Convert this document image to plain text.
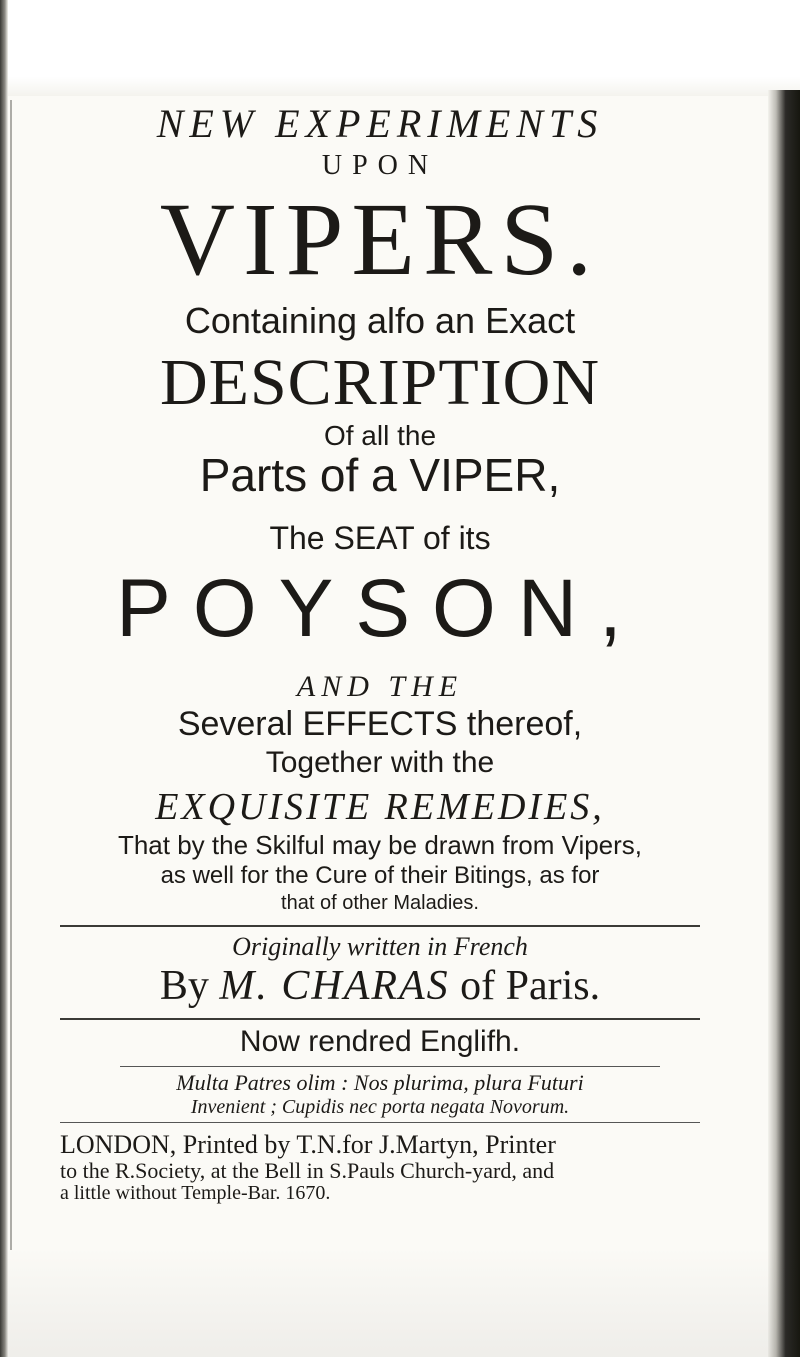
NEW EXPERIMENTS
UPON
VIPERS.
Containing alfo an Exact
DESCRIPTION
Of all the
Parts of a VIPER,
The SEAT of its
POYSON,
AND THE
Several EFFECTS thereof,
Together with the
EXQUISITE REMEDIES,
That by the Skilful may be drawn from Vipers,
as well for the Cure of their Bitings, as for
that of other Maladies.
Originally written in French
By M. CHARAS of Paris.
Now rendred Englifh.
Multa Patres olim : Nos plurima, plura Futuri
Invenient ; Cupidis nec porta negata Novorum.
LONDON, Printed by T.N.for J.Martyn, Printer
to the R.Society, at the Bell in S.Pauls Church-yard, and
a little without Temple-Bar. 1670.
